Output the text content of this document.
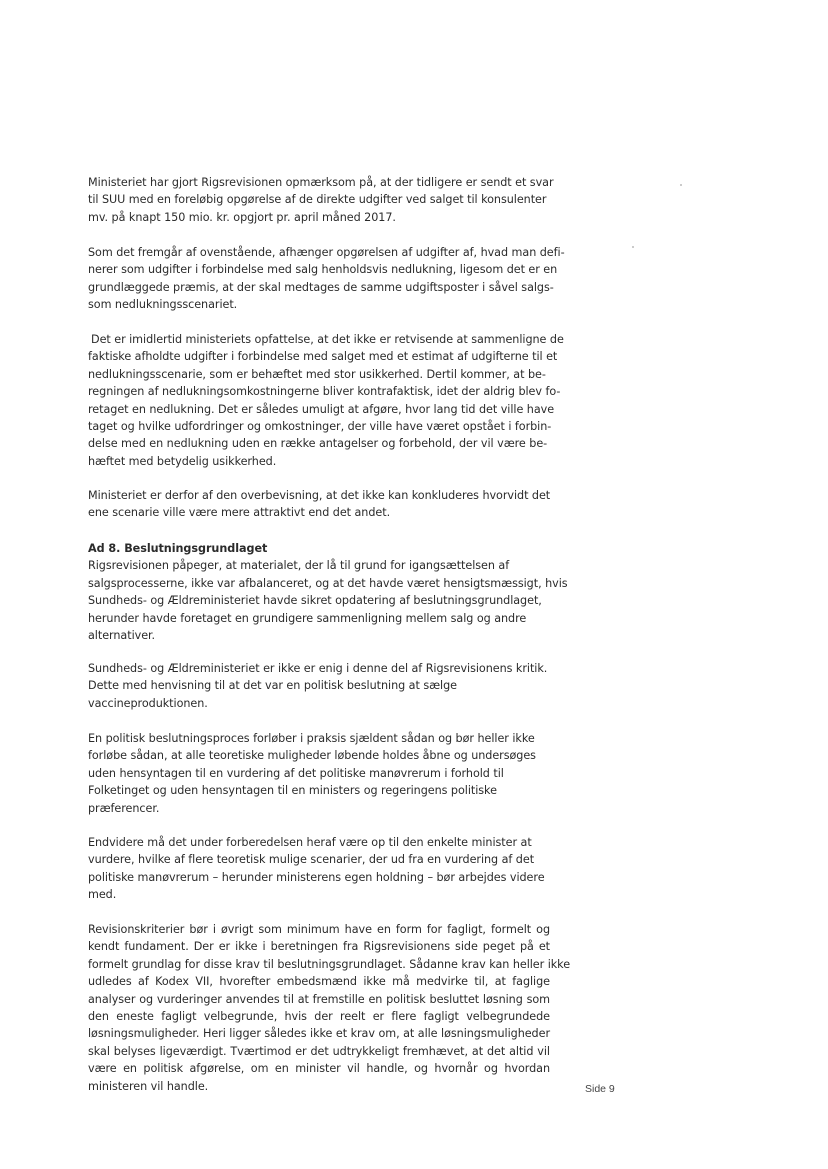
Side 9
Ministeriet har gjort Rigsrevisionen opmærksom på, at der tidligere er sendt et svar
til SUU med en foreløbig opgørelse af de direkte udgifter ved salget til konsulenter
mv. på knapt 150 mio. kr. opgjort pr. april måned 2017.
Som det fremgår af ovenstående, afhænger opgørelsen af udgifter af, hvad man defi-
nerer som udgifter i forbindelse med salg henholdsvis nedlukning, ligesom det er en
grundlæggede præmis, at der skal medtages de samme udgiftsposter i såvel salgs-
som nedlukningsscenariet.
Det er imidlertid ministeriets opfattelse, at det ikke er retvisende at sammenligne de
faktiske afholdte udgifter i forbindelse med salget med et estimat af udgifterne til et
nedlukningsscenarie, som er behæftet med stor usikkerhed. Dertil kommer, at be-
regningen af nedlukningsomkostningerne bliver kontrafaktisk, idet der aldrig blev fo-
retaget en nedlukning. Det er således umuligt at afgøre, hvor lang tid det ville have
taget og hvilke udfordringer og omkostninger, der ville have været opstået i forbin-
delse med en nedlukning uden en række antagelser og forbehold, der vil være be-
hæftet med betydelig usikkerhed.
Ministeriet er derfor af den overbevisning, at det ikke kan konkluderes hvorvidt det
ene scenarie ville være mere attraktivt end det andet.
Ad 8. Beslutningsgrundlaget
Rigsrevisionen påpeger, at materialet, der lå til grund for igangsættelsen af
salgsprocesserne, ikke var afbalanceret, og at det havde været hensigtsmæssigt, hvis
Sundheds- og Ældreministeriet havde sikret opdatering af beslutningsgrundlaget,
herunder havde foretaget en grundigere sammenligning mellem salg og andre
alternativer.
Sundheds- og Ældreministeriet er ikke er enig i denne del af Rigsrevisionens kritik.
Dette med henvisning til at det var en politisk beslutning at sælge
vaccineproduktionen.
En politisk beslutningsproces forløber i praksis sjældent sådan og bør heller ikke
forløbe sådan, at alle teoretiske muligheder løbende holdes åbne og undersøges
uden hensyntagen til en vurdering af det politiske manøvrerum i forhold til
Folketinget og uden hensyntagen til en ministers og regeringens politiske
præferencer.
Endvidere må det under forberedelsen heraf være op til den enkelte minister at
vurdere, hvilke af flere teoretisk mulige scenarier, der ud fra en vurdering af det
politiske manøvrerum – herunder ministerens egen holdning – bør arbejdes videre
med.
Revisionskriterier bør i øvrigt som minimum have en form for fagligt, formelt og
kendt fundament. Der er ikke i beretningen fra Rigsrevisionens side peget på et
formelt grundlag for disse krav til beslutningsgrundlaget. Sådanne krav kan heller ikke
udledes af Kodex VII, hvorefter embedsmænd ikke må medvirke til, at faglige
analyser og vurderinger anvendes til at fremstille en politisk besluttet løsning som
den eneste fagligt velbegrunde, hvis der reelt er flere fagligt velbegrundede
løsningsmuligheder. Heri ligger således ikke et krav om, at alle løsningsmuligheder
skal belyses ligeværdigt. Tværtimod er det udtrykkeligt fremhævet, at det altid vil
være en politisk afgørelse, om en minister vil handle, og hvornår og hvordan
ministeren vil handle.
